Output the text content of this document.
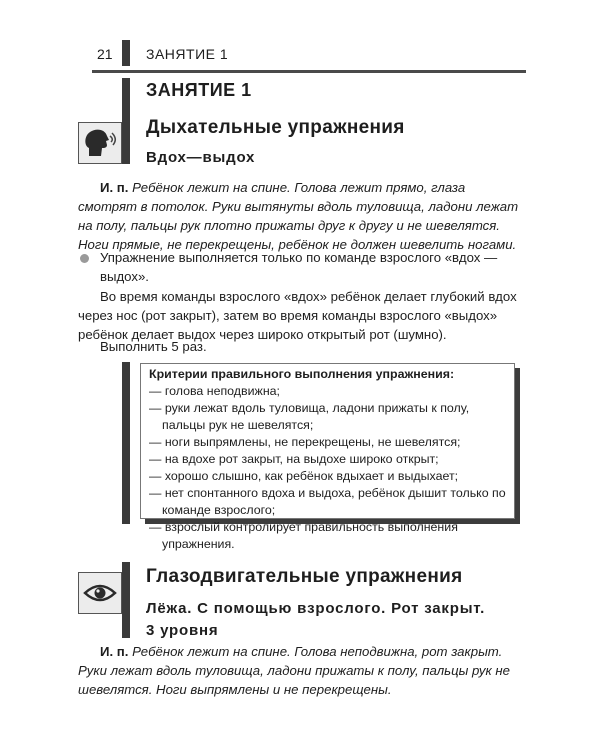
21 ЗАНЯТИЕ 1
ЗАНЯТИЕ 1
Дыхательные упражнения
Вдох—выдох
И. п. Ребёнок лежит на спине. Голова лежит прямо, глаза смотрят в потолок. Руки вытянуты вдоль туловища, ладони лежат на полу, пальцы рук плотно прижаты друг к другу и не шевелятся. Ноги прямые, не перекрещены, ребёнок не должен шевелить ногами.
Упражнение выполняется только по команде взрослого «вдох — выдох».
Во время команды взрослого «вдох» ребёнок делает глубокий вдох через нос (рот закрыт), затем во время команды взрослого «выдох» ребёнок делает выдох через широко открытый рот (шумно).
Выполнить 5 раз.
Критерии правильного выполнения упражнения:
— голова неподвижна;
— руки лежат вдоль туловища, ладони прижаты к полу, пальцы рук не шевелятся;
— ноги выпрямлены, не перекрещены, не шевелятся;
— на вдохе рот закрыт, на выдохе широко открыт;
— хорошо слышно, как ребёнок вдыхает и выдыхает;
— нет спонтанного вдоха и выдоха, ребёнок дышит только по команде взрослого;
— взрослый контролирует правильность выполнения упражнения.
Глазодвигательные упражнения
Лёжа. С помощью взрослого. Рот закрыт.
3 уровня
И. п. Ребёнок лежит на спине. Голова неподвижна, рот закрыт. Руки лежат вдоль туловища, ладони прижаты к полу, пальцы рук не шевелятся. Ноги выпрямлены и не перекрещены.
